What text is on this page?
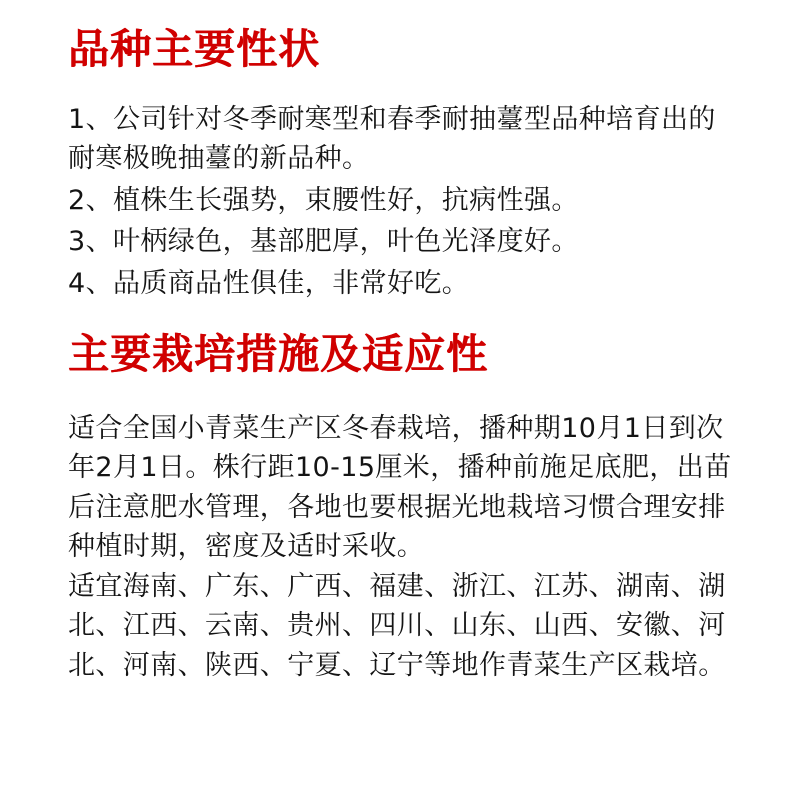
品种主要性状

1、公司针对冬季耐寒型和春季耐抽薹型品种培育出的耐寒极晚抽薹的新品种。

2、植株生长强势，束腰性好，抗病性强。

3、叶柄绿色，基部肥厚，叶色光泽度好。

4、品质商品性俱佳，非常好吃。

主要栽培措施及适应性

适合全国小青菜生产区冬春栽培，播种期10月1日到次年2月1日。株行距10-15厘米，播种前施足底肥，出苗后注意肥水管理，各地也要根据光地栽培习惯合理安排种植时期，密度及适时采收。

适宜海南、广东、广西、福建、浙江、江苏、湖南、湖北、江西、云南、贵州、四川、山东、山西、安徽、河北、河南、陕西、宁夏、辽宁等地作青菜生产区栽培。
